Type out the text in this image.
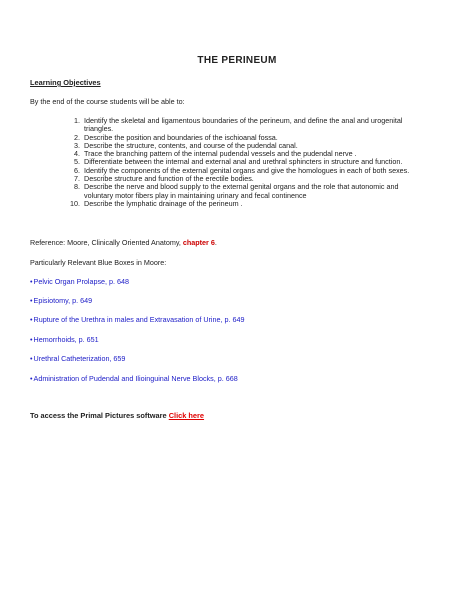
THE PERINEUM
Learning Objectives
By the end of the course students will be able to:
1. Identify the skeletal and ligamentous boundaries of the perineum, and define the anal and urogenital triangles.
2. Describe the position and boundaries of the ischioanal fossa.
3. Describe the structure, contents, and course of the pudendal canal.
4. Trace the branching pattern of the internal pudendal vessels and the pudendal nerve .
5. Differentiate between the internal and external anal and urethral sphincters in structure and function.
6. Identify the components of the external genital organs and give the homologues in each of both sexes.
7. Describe structure and function of the erectile bodies.
8. Describe the nerve and blood supply to the external genital organs and the role that autonomic and voluntary motor fibers play in maintaining urinary and fecal continence
10. Describe the lymphatic drainage of the perineum .
Reference: Moore, Clinically Oriented Anatomy, chapter 6.
Particularly Relevant Blue Boxes in Moore:
•Pelvic Organ Prolapse, p. 648
•Episiotomy, p. 649
•Rupture of the Urethra in males and Extravasation of Urine, p. 649
•Hemorrhoids, p. 651
•Urethral Catheterization, 659
•Administration of Pudendal and Ilioinguinal Nerve Blocks, p. 668
To access the Primal Pictures software Click here
